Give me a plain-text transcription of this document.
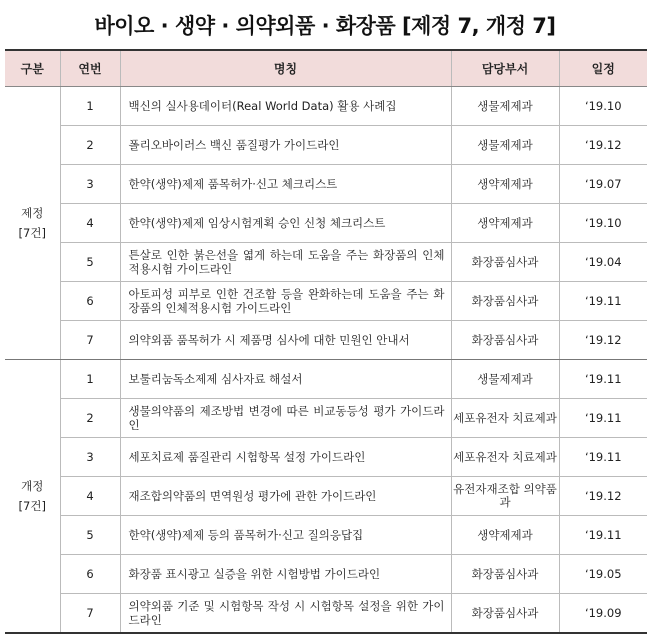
바이오 · 생약 · 의약외품 · 화장품 [제정 7, 개정 7]
구분	연번	명칭	담당부서	일정

제정
[7건]	1	백신의 실사용데이터(Real World Data) 활용 사례집	생물제제과	‘19.10
	2	폴리오바이러스 백신 품질평가 가이드라인	생물제제과	‘19.12
	3	한약(생약)제제 품목허가·신고 체크리스트	생약제제과	‘19.07
	4	한약(생약)제제 임상시험계획 승인 신청 체크리스트	생약제제과	‘19.10
	5	튼살로 인한 붉은선을 엷게 하는데 도움을 주는 화장품의 인체적용시험 가이드라인	화장품심사과	‘19.04
	6	아토피성 피부로 인한 건조함 등을 완화하는데 도움을 주는 화장품의 인체적용시험 가이드라인	화장품심사과	‘19.11
	7	의약외품 품목허가 시 제품명 심사에 대한 민원인 안내서	화장품심사과	‘19.12

개정
[7건]	1	보툴리눔독소제제 심사자료 해설서	생물제제과	‘19.11
	2	생물의약품의 제조방법 변경에 따른 비교동등성 평가 가이드라인	세포유전자 치료제과	‘19.11
	3	세포치료제 품질관리 시험항목 설정 가이드라인	세포유전자 치료제과	‘19.11
	4	재조합의약품의 면역원성 평가에 관한 가이드라인	유전자재조합 의약품과	‘19.12
	5	한약(생약)제제 등의 품목허가·신고 질의응답집	생약제제과	‘19.11
	6	화장품 표시광고 실증을 위한 시험방법 가이드라인	화장품심사과	‘19.05
	7	의약외품 기준 및 시험항목 작성 시 시험항목 설정을 위한 가이드라인	화장품심사과	‘19.09
